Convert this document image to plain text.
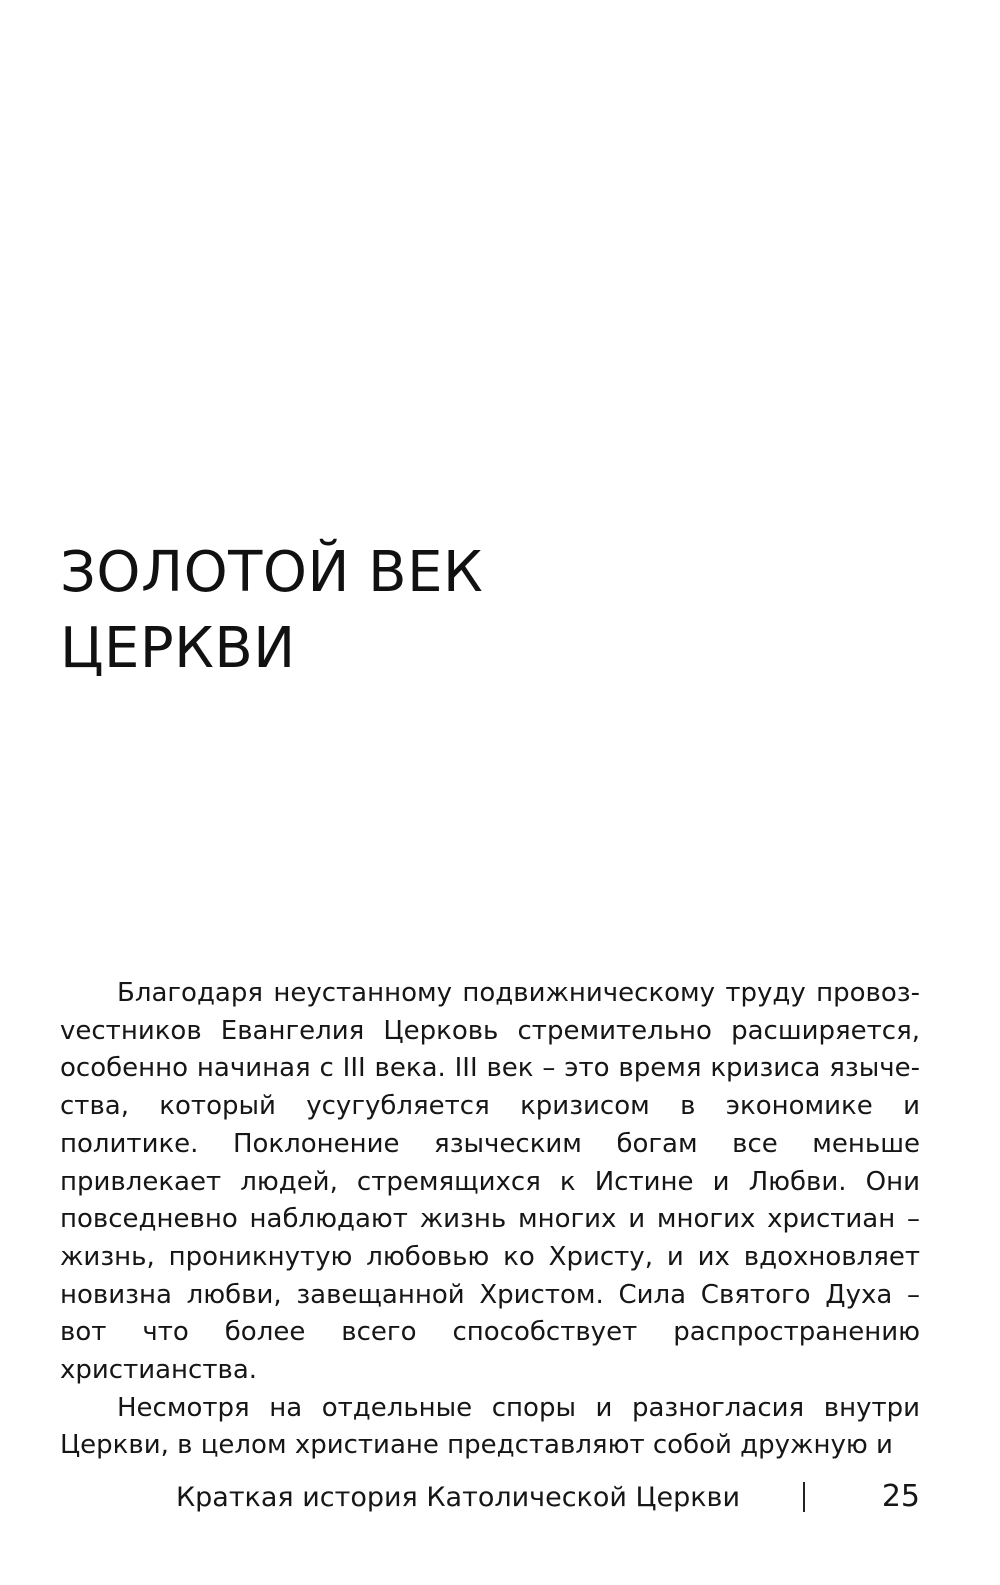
ЗОЛОТОЙ ВЕК
ЦЕРКВИ

Благодаря неустанному подвижническому труду провозvестников Евангелия Церковь стремительно расширяется, особенно начиная с III века. III век – это время кризиса язычества, который усугубляется кризисом в экономике и политике. Поклонение языческим богам все меньше привлекает людей, стремящихся к Истине и Любви. Они повседневно наблюдают жизнь многих и многих христиан – жизнь, проникнутую любовью ко Христу, и их вдохновляет новизна любви, завещанной Христом. Сила Святого Духа – вот что более всего способствует распространению христианства.

Несмотря на отдельные споры и разногласия внутри Церкви, в целом христиане представляют собой дружную и

Краткая история Католической Церкви	25
